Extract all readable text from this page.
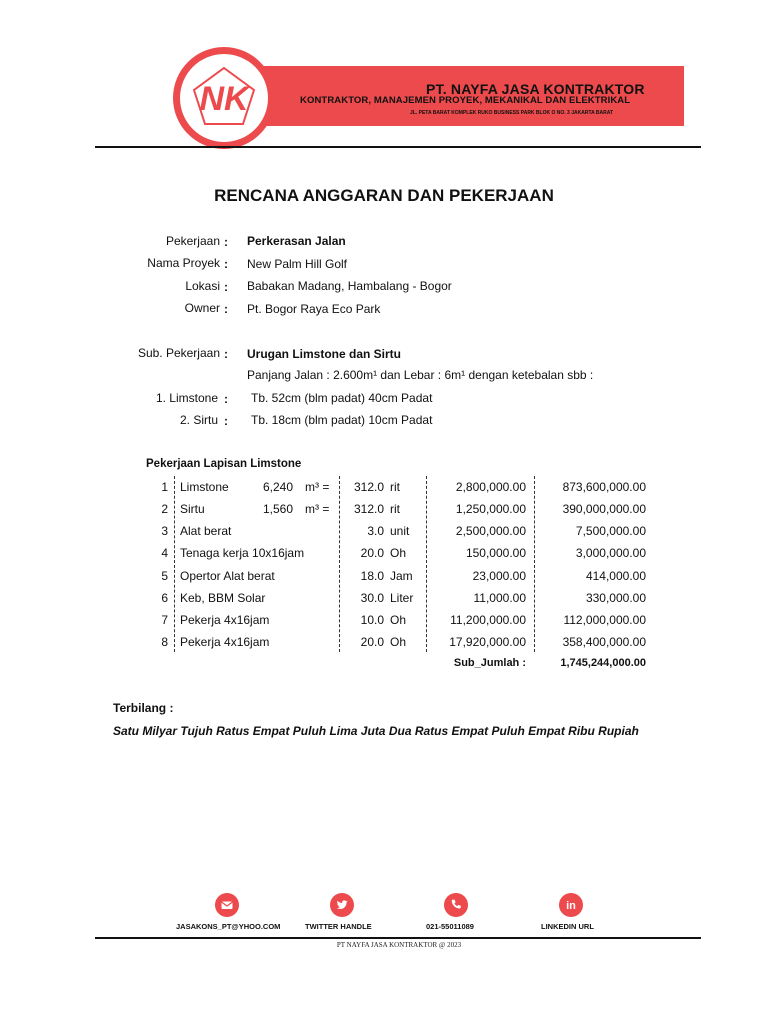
NK	PT. NAYFA JASA KONTRAKTOR
KONTRAKTOR, MANAJEMEN PROYEK, MEKANIKAL DAN ELEKTRIKAL
JL. PETA BARAT KOMPLEK RUKO BUSINESS PARK BLOK O NO. 3 JAKARTA BARAT
RENCANA ANGGARAN DAN PEKERJAAN
Pekerjaan : Perkerasan Jalan
Nama Proyek : New Palm Hill Golf
Lokasi : Babakan Madang, Hambalang - Bogor
Owner : Pt. Bogor Raya Eco Park
Sub. Pekerjaan : Urugan Limstone dan Sirtu
Panjang Jalan : 2.600m¹ dan Lebar : 6m¹ dengan ketebalan sbb :
1. Limstone : Tb. 52cm (blm padat) 40cm Padat
2. Sirtu : Tb. 18cm (blm padat) 10cm Padat
Pekerjaan Lapisan Limstone
1 Limstone	6,240 m³ =	312.0 rit	2,800,000.00	873,600,000.00
2 Sirtu	1,560 m³ =	312.0 rit	1,250,000.00	390,000,000.00
3 Alat berat	3.0 unit	2,500,000.00	7,500,000.00
4 Tenaga kerja 10x16jam	20.0 Oh	150,000.00	3,000,000.00
5 Opertor Alat berat	18.0 Jam	23,000.00	414,000.00
6 Keb, BBM Solar	30.0 Liter	11,000.00	330,000.00
7 Pekerja 4x16jam	10.0 Oh	11,200,000.00	112,000,000.00
8 Pekerja 4x16jam	20.0 Oh	17,920,000.00	358,400,000.00
Sub_Jumlah :	1,745,244,000.00
Terbilang :
Satu Milyar Tujuh Ratus Empat Puluh Lima Juta Dua Ratus Empat Puluh Empat Ribu Rupiah
JASAKONS_PT@YHOO.COM	TWITTER HANDLE	021-55011089
in
LINKEDIN URL
PT NAYFA JASA KONTRAKTOR @ 2023
